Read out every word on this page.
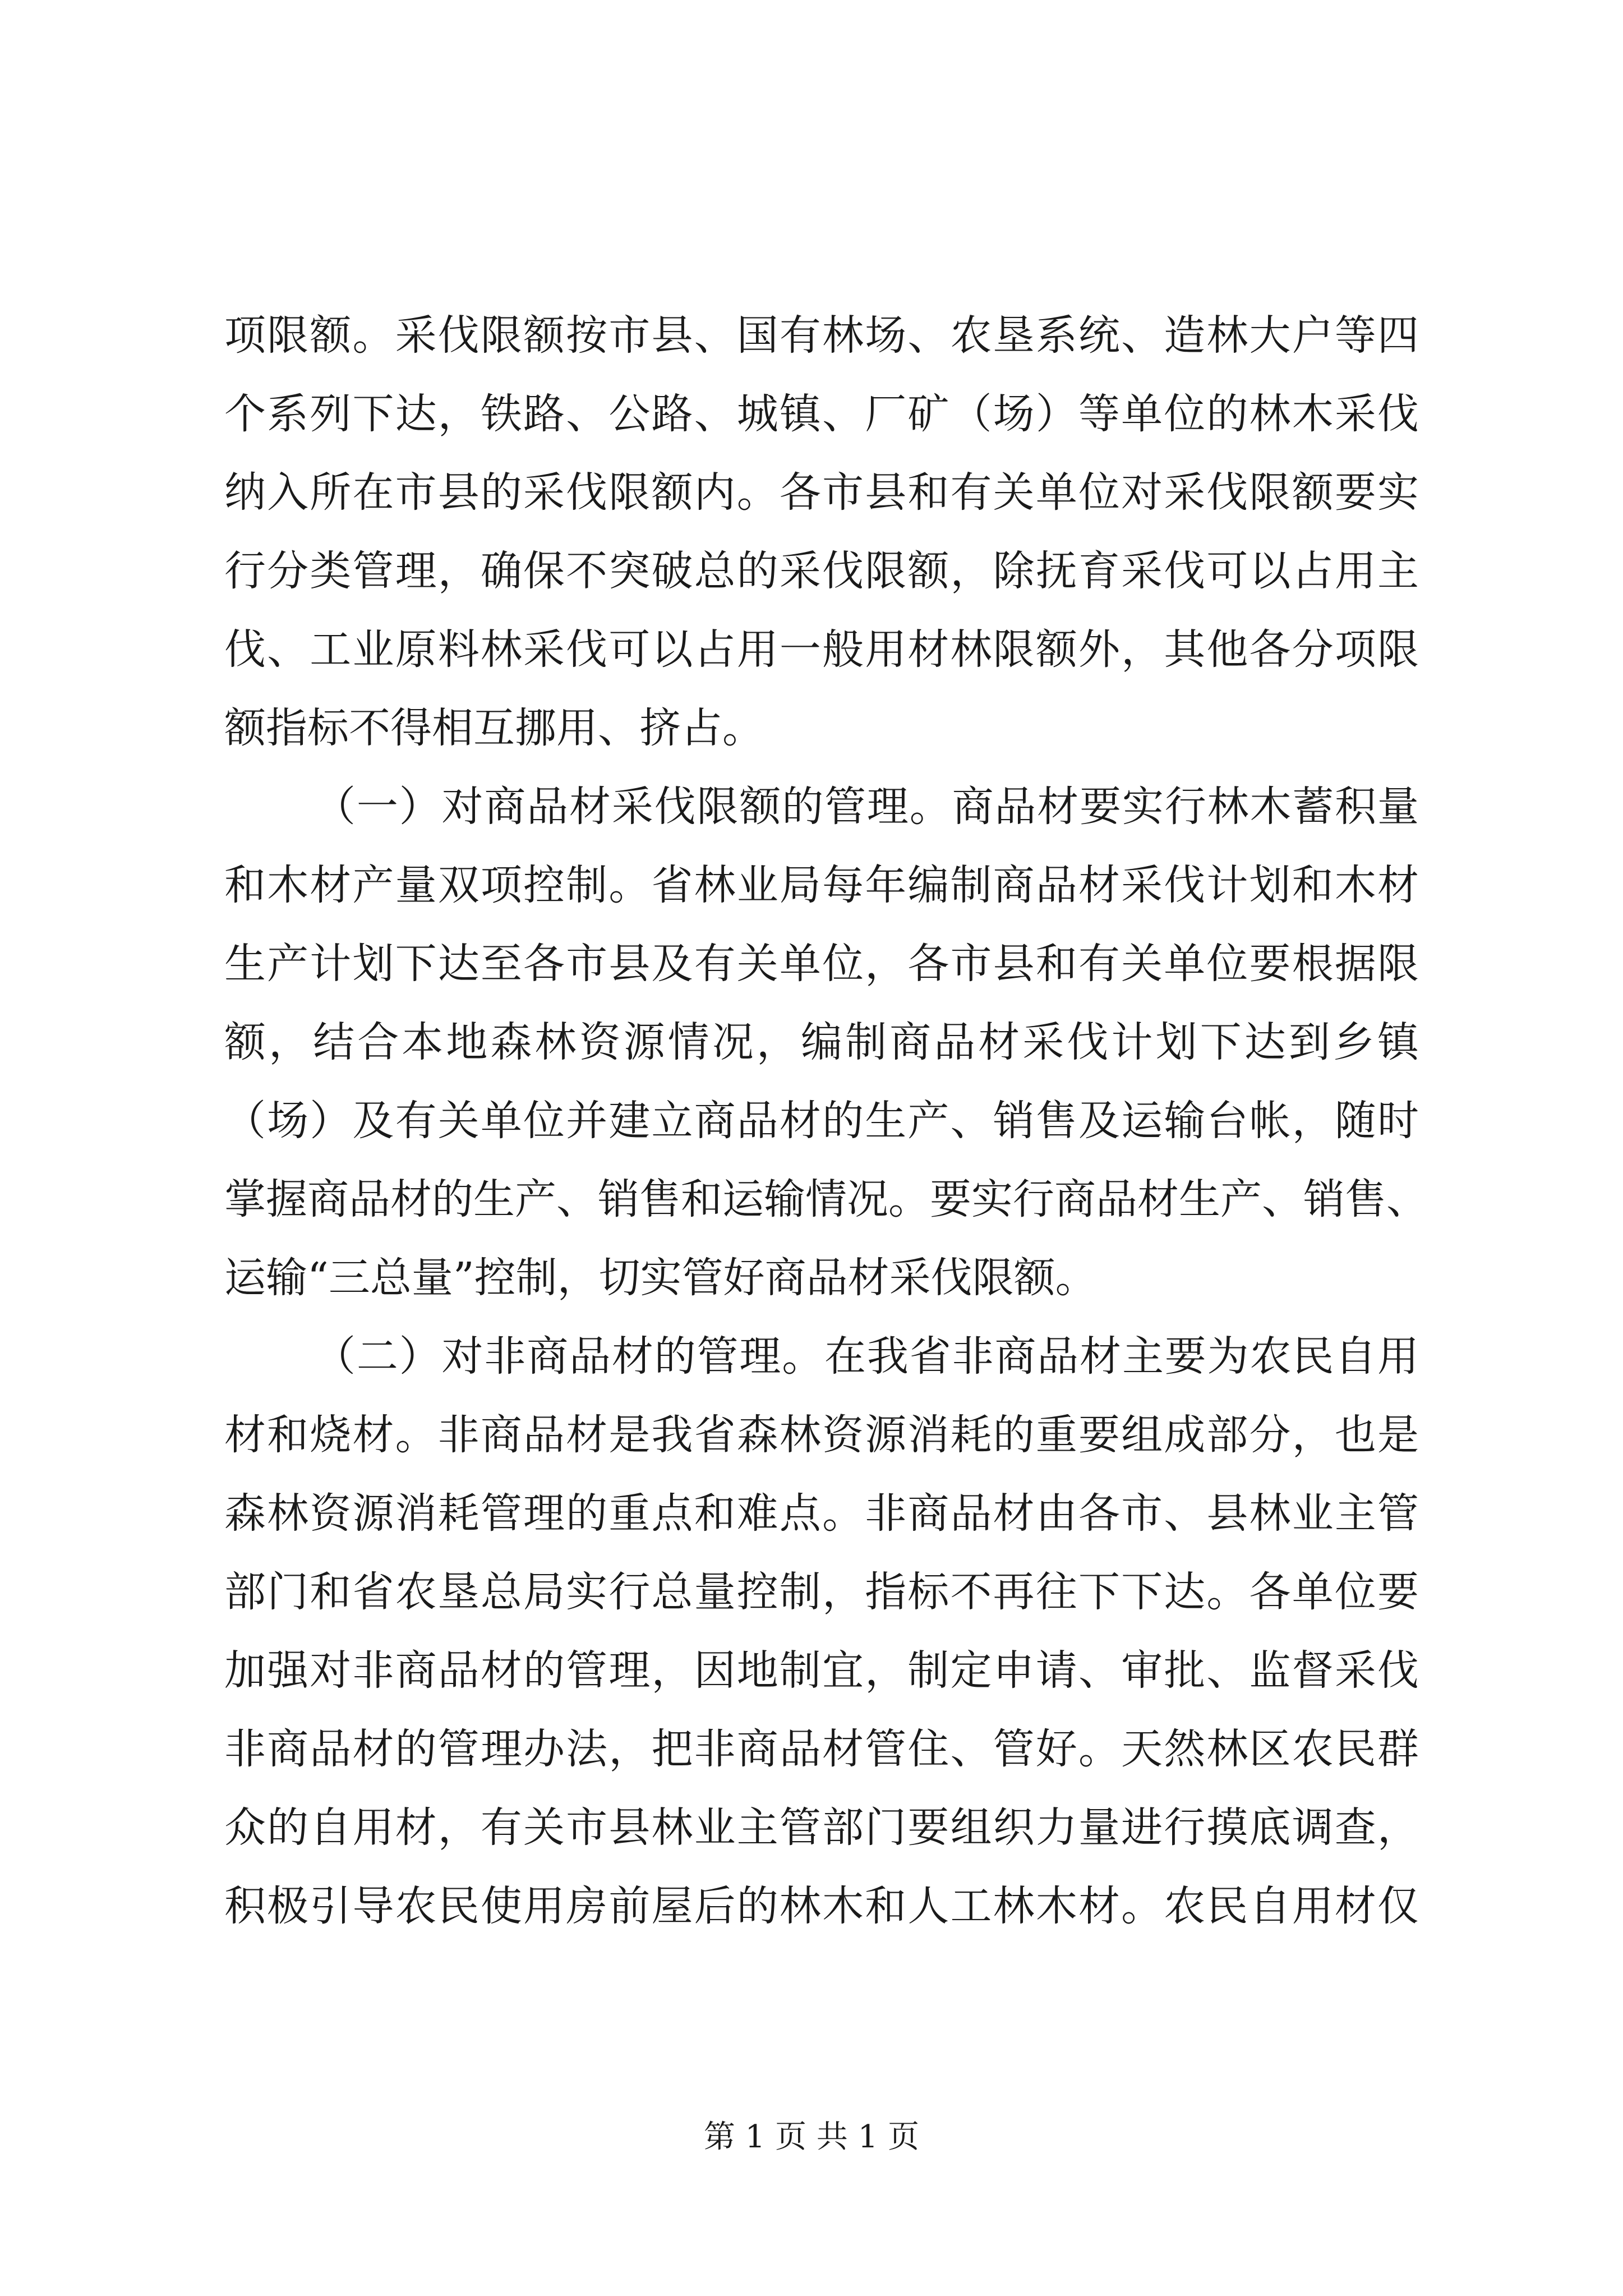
项限额。采伐限额按市县、国有林场、农垦系统、造林大户等四
个系列下达，铁路、公路、城镇、厂矿（场）等单位的林木采伐
纳入所在市县的采伐限额内。各市县和有关单位对采伐限额要实
行分类管理，确保不突破总的采伐限额，除抚育采伐可以占用主
伐、工业原料林采伐可以占用一般用材林限额外，其他各分项限
额指标不得相互挪用、挤占。
（一）对商品材采伐限额的管理。商品材要实行林木蓄积量
和木材产量双项控制。省林业局每年编制商品材采伐计划和木材
生产计划下达至各市县及有关单位，各市县和有关单位要根据限
额，结合本地森林资源情况，编制商品材采伐计划下达到乡镇
（场）及有关单位并建立商品材的生产、销售及运输台帐，随时
掌握商品材的生产、销售和运输情况。要实行商品材生产、销售、
运输“三总量”控制，切实管好商品材采伐限额。
（二）对非商品材的管理。在我省非商品材主要为农民自用
材和烧材。非商品材是我省森林资源消耗的重要组成部分，也是
森林资源消耗管理的重点和难点。非商品材由各市、县林业主管
部门和省农垦总局实行总量控制，指标不再往下下达。各单位要
加强对非商品材的管理，因地制宜，制定申请、审批、监督采伐
非商品材的管理办法，把非商品材管住、管好。天然林区农民群
众的自用材，有关市县林业主管部门要组织力量进行摸底调查，
积极引导农民使用房前屋后的林木和人工林木材。农民自用材仅
第 1 页 共 1 页
